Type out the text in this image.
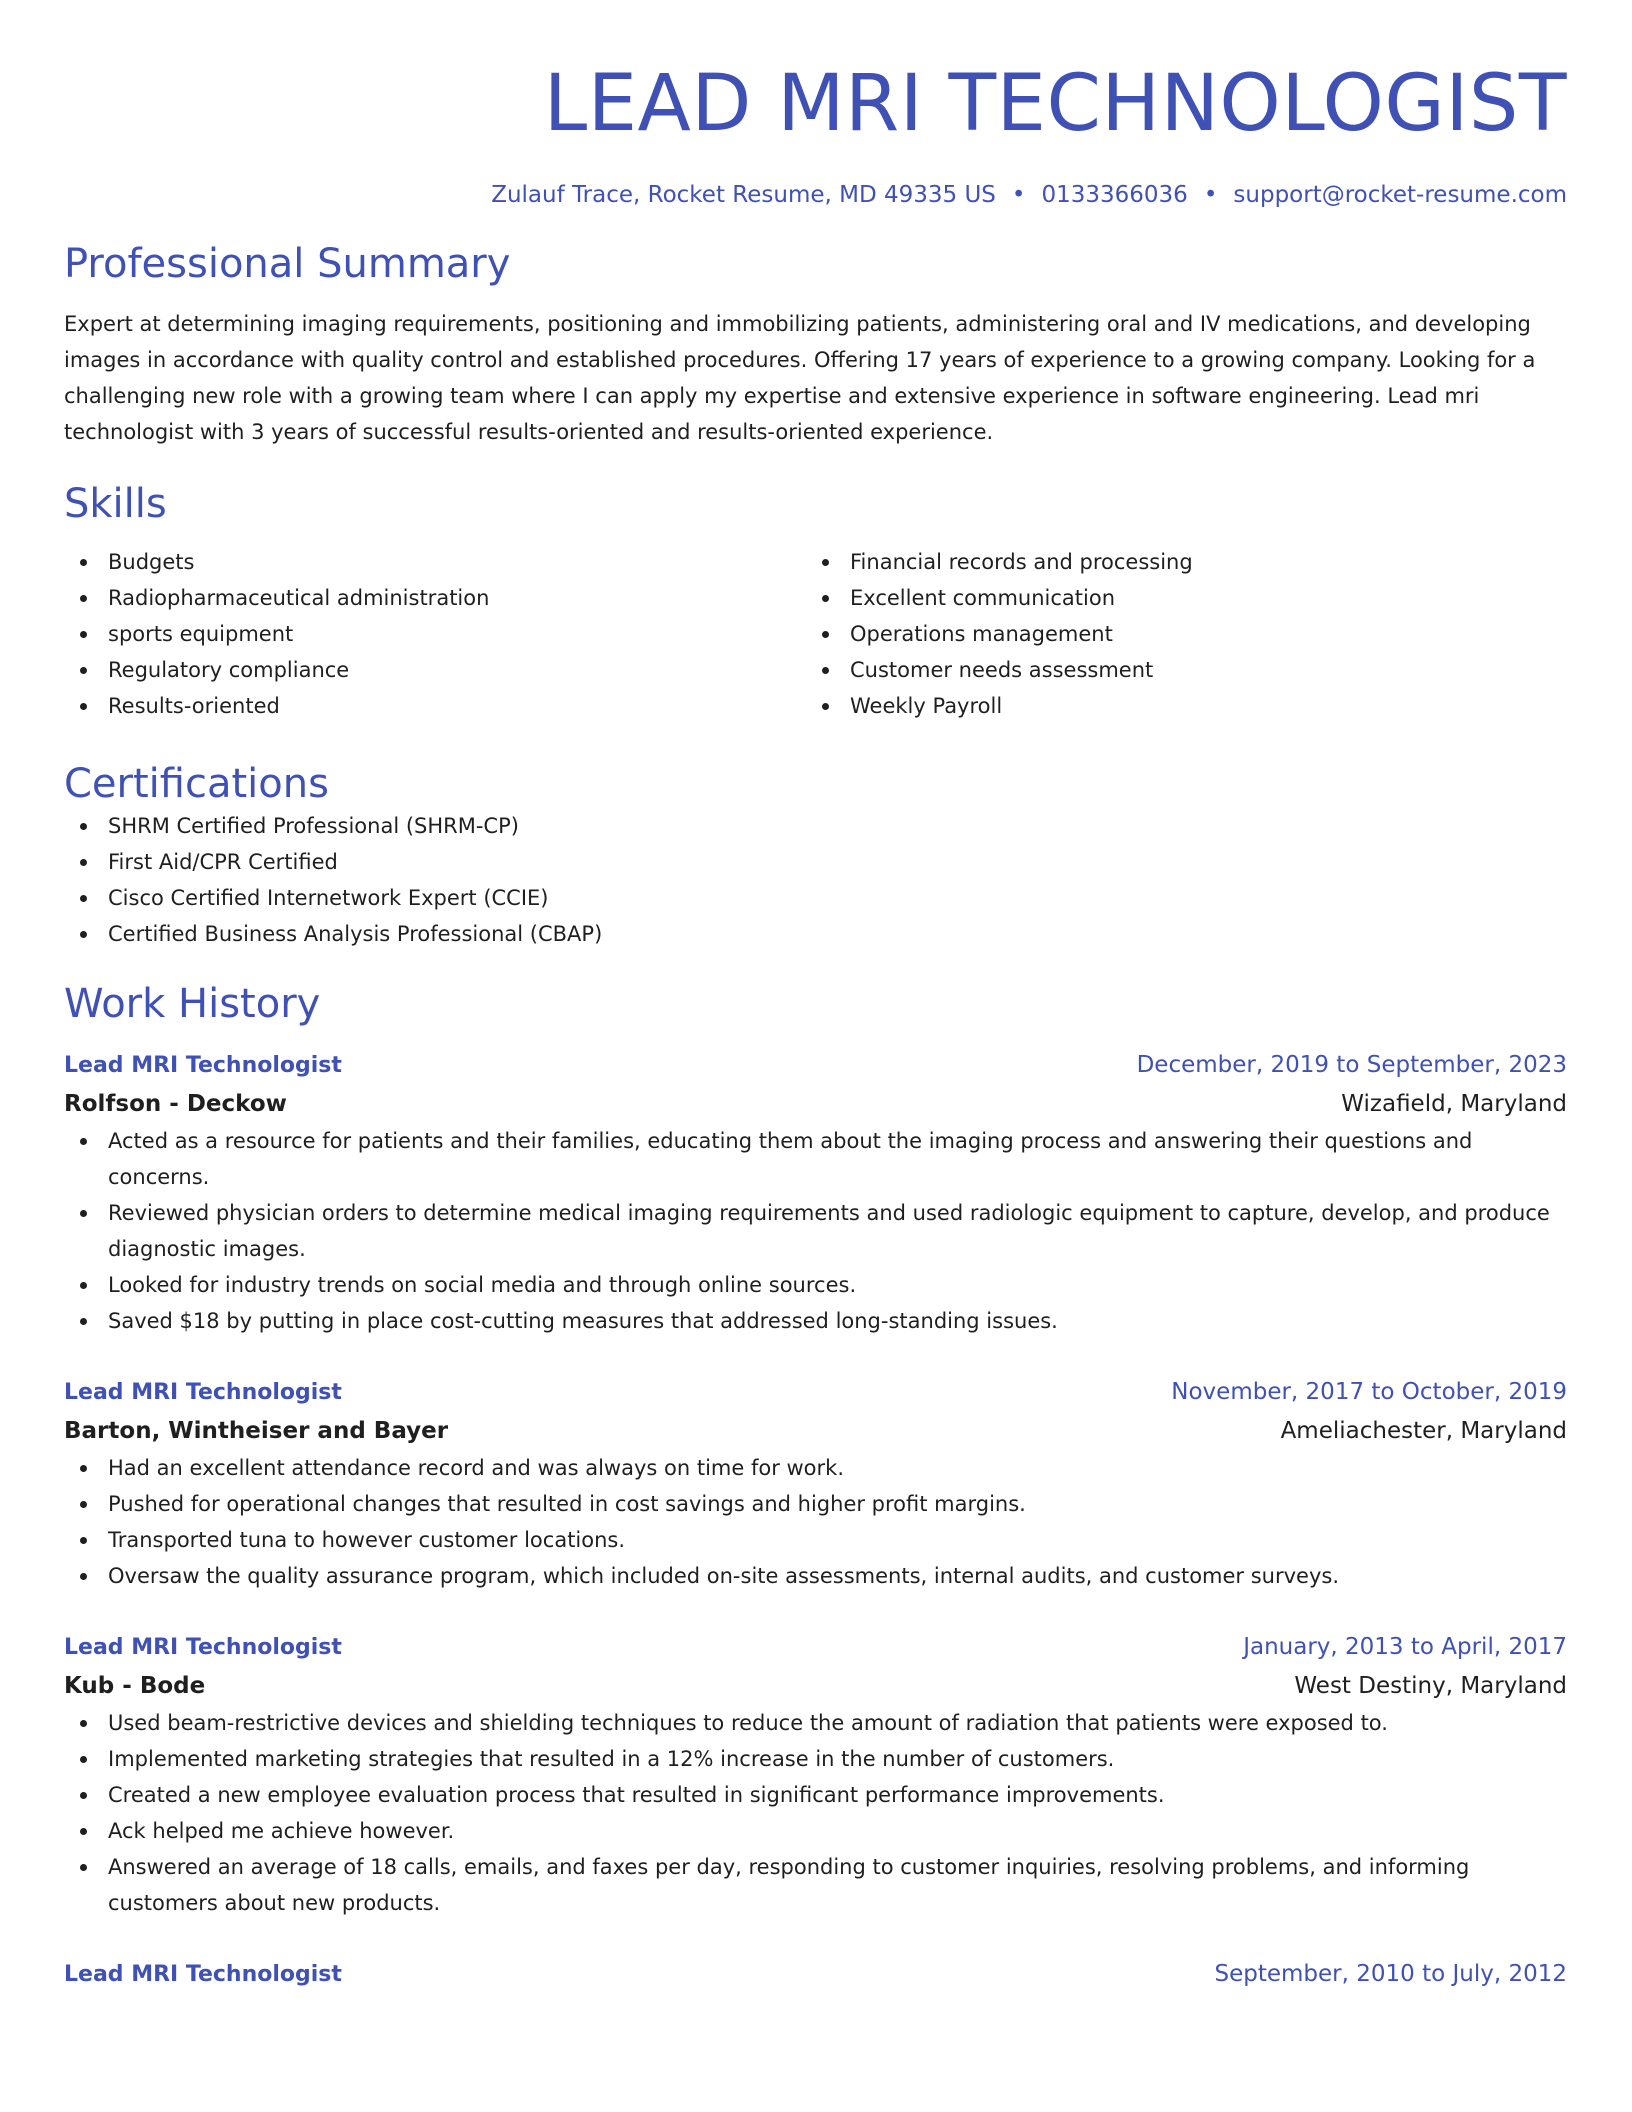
LEAD MRI TECHNOLOGIST
Zulauf Trace, Rocket Resume, MD 49335 US • 0133366036 • support@rocket-resume.com
Professional Summary
Expert at determining imaging requirements, positioning and immobilizing patients, administering oral and IV medications, and developing images in accordance with quality control and established procedures. Offering 17 years of experience to a growing company. Looking for a challenging new role with a growing team where I can apply my expertise and extensive experience in software engineering. Lead mri technologist with 3 years of successful results-oriented and results-oriented experience.
Skills
Budgets
Radiopharmaceutical administration
sports equipment
Regulatory compliance
Results-oriented
Financial records and processing
Excellent communication
Operations management
Customer needs assessment
Weekly Payroll
Certifications
SHRM Certified Professional (SHRM-CP)
First Aid/CPR Certified
Cisco Certified Internetwork Expert (CCIE)
Certified Business Analysis Professional (CBAP)
Work History
Lead MRI Technologist	December, 2019 to September, 2023
Rolfson - Deckow	Wizafield, Maryland
Acted as a resource for patients and their families, educating them about the imaging process and answering their questions and concerns.
Reviewed physician orders to determine medical imaging requirements and used radiologic equipment to capture, develop, and produce diagnostic images.
Looked for industry trends on social media and through online sources.
Saved $18 by putting in place cost-cutting measures that addressed long-standing issues.
Lead MRI Technologist	November, 2017 to October, 2019
Barton, Wintheiser and Bayer	Ameliachester, Maryland
Had an excellent attendance record and was always on time for work.
Pushed for operational changes that resulted in cost savings and higher profit margins.
Transported tuna to however customer locations.
Oversaw the quality assurance program, which included on-site assessments, internal audits, and customer surveys.
Lead MRI Technologist	January, 2013 to April, 2017
Kub - Bode	West Destiny, Maryland
Used beam-restrictive devices and shielding techniques to reduce the amount of radiation that patients were exposed to.
Implemented marketing strategies that resulted in a 12% increase in the number of customers.
Created a new employee evaluation process that resulted in significant performance improvements.
Ack helped me achieve however.
Answered an average of 18 calls, emails, and faxes per day, responding to customer inquiries, resolving problems, and informing customers about new products.
Lead MRI Technologist	September, 2010 to July, 2012
